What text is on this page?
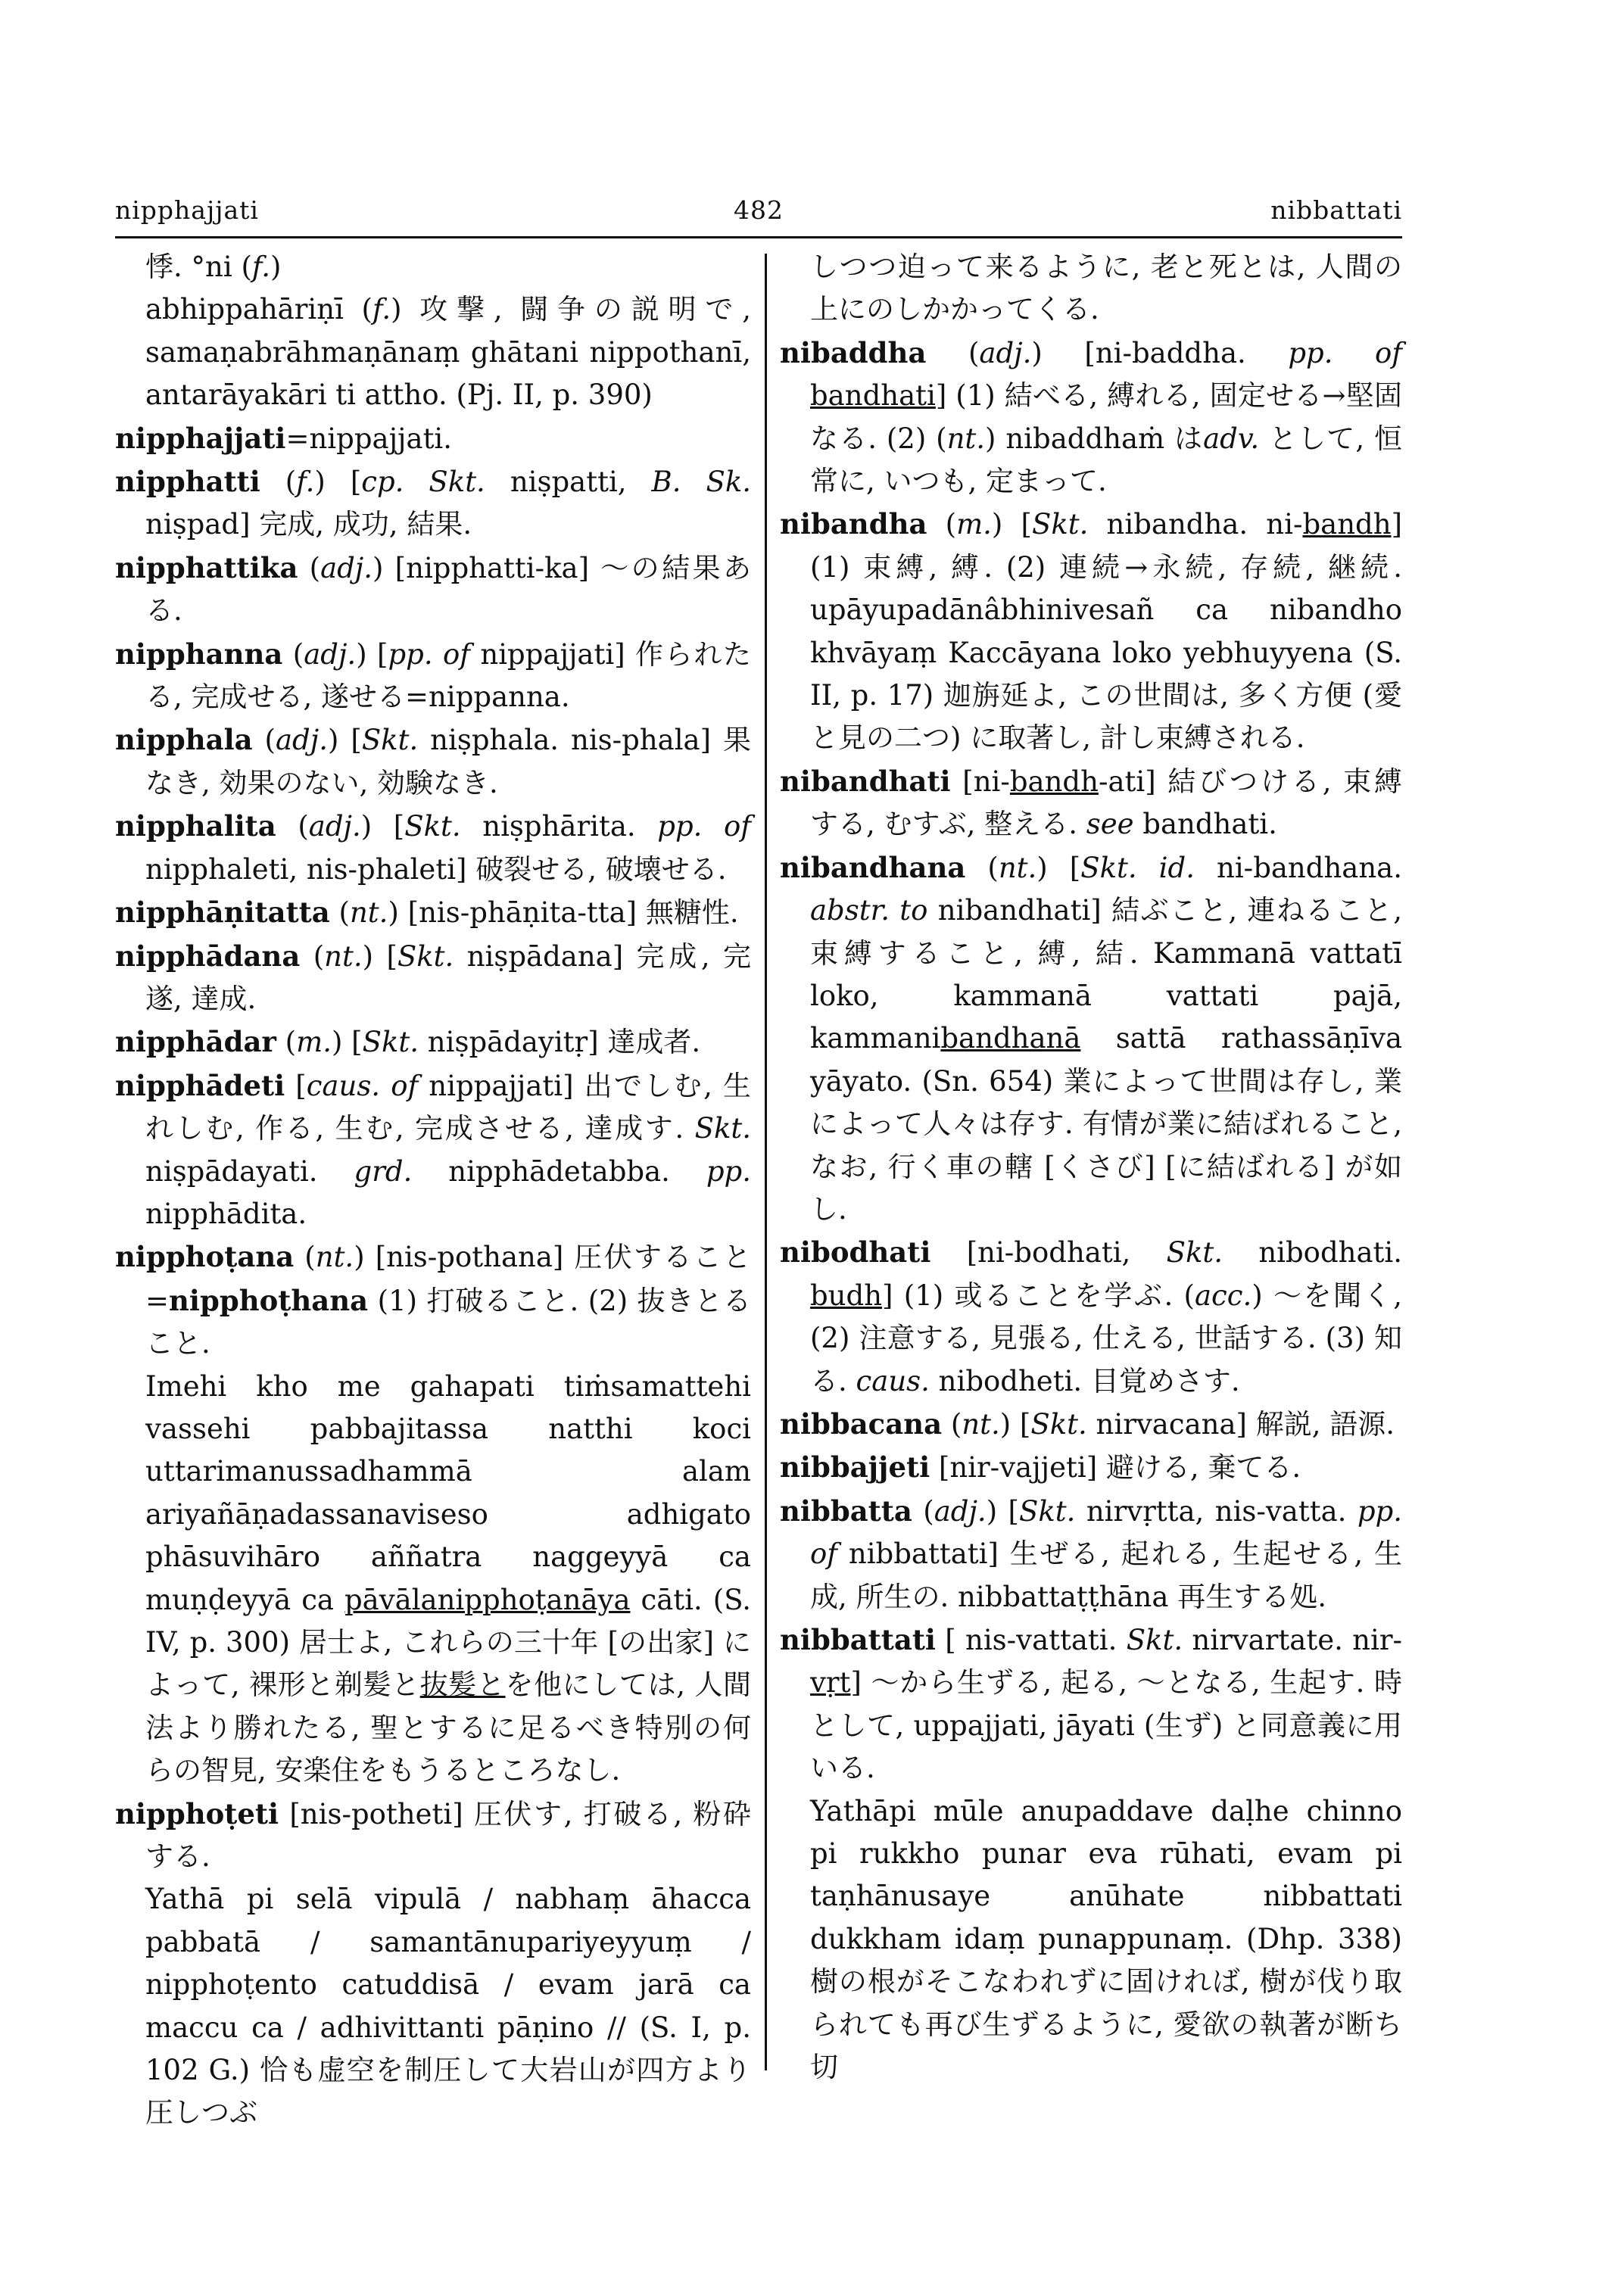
nipphajjati	482	nibbattati

悸. °ni (f.)

abhippahāriṇī (f.) 攻撃, 闘争の説明で, samaṇabrāhmaṇānaṃ ghātani nippothanī, antarāyakāri ti attho. (Pj. II, p. 390)

nipphajjati=nippajjati.

nipphatti (f.) [cp. Skt. niṣpatti, B. Sk. niṣpad] 完成, 成功, 結果.

nipphattika (adj.) [nipphatti-ka] ～の結果ある.

nipphanna (adj.) [pp. of nippajjati] 作られたる, 完成せる, 遂せる=nippanna.

nipphala (adj.) [Skt. niṣphala. nis-phala] 果なき, 効果のない, 効験なき.

nipphalita (adj.) [Skt. niṣphārita. pp. of nipphaleti, nis-phaleti] 破裂せる, 破壊せる.

nipphāṇitatta (nt.) [nis-phāṇita-tta] 無糖性.

nipphādana (nt.) [Skt. niṣpādana] 完成, 完遂, 達成.

nipphādar (m.) [Skt. niṣpādayitṛ] 達成者.

nipphādeti [caus. of nippajjati] 出でしむ, 生れしむ, 作る, 生む, 完成させる, 達成す. Skt. niṣpādayati. grd. nipphādetabba. pp. nipphādita.

nipphoṭana (nt.) [nis-pothana] 圧伏すること=nipphoṭhana (1) 打破ること. (2) 抜きとること.

Imehi kho me gahapati tiṁsamattehi vassehi pabbajitassa natthi koci uttarimanussadhammā alam ariyañāṇadassanaviseso adhigato phāsuvihāro aññatra naggeyyā ca muṇḍeyyā ca pāvālanipphoṭanāya cāti. (S. IV, p. 300) 居士よ, これらの三十年 [の出家] によって, 裸形と剃髪と抜髪とを他にしては, 人間法より勝れたる, 聖とするに足るべき特別の何らの智見, 安楽住をもうるところなし.

nipphoṭeti [nis-potheti] 圧伏す, 打破る, 粉砕する.

Yathā pi selā vipulā / nabhaṃ āhacca pabbatā / samantānupariyeyyuṃ / nipphoṭento catuddisā / evam jarā ca maccu ca / adhivittanti pāṇino // (S. I, p. 102 G.) 恰も虚空を制圧して大岩山が四方より圧しつぶ

しつつ迫って来るように, 老と死とは, 人間の上にのしかかってくる.

nibaddha (adj.) [ni-baddha. pp. of bandhati] (1) 結べる, 縛れる, 固定せる→堅固なる. (2) (nt.) nibaddhaṁ はadv. として, 恒常に, いつも, 定まって.

nibandha (m.) [Skt. nibandha. ni-bandh] (1) 束縛, 縛. (2) 連続→永続, 存続, 継続. upāyupadānâbhinivesañ ca nibandho khvāyaṃ Kaccāyana loko yebhuyyena (S. II, p. 17) 迦旃延よ, この世間は, 多く方便 (愛と見の二つ) に取著し, 計し束縛される.

nibandhati [ni-bandh-ati] 結びつける, 束縛する, むすぶ, 整える. see bandhati.

nibandhana (nt.) [Skt. id. ni-bandhana. abstr. to nibandhati] 結ぶこと, 連ねること, 束縛すること, 縛, 結. Kammanā vattatī loko, kammanā vattati pajā, kammanibandhanā sattā rathassāṇīva yāyato. (Sn. 654) 業によって世間は存し, 業によって人々は存す. 有情が業に結ばれること, なお, 行く車の轄 [くさび] [に結ばれる] が如し.

nibodhati [ni-bodhati, Skt. nibodhati. budh] (1) 或ることを学ぶ. (acc.) ～を聞く, (2) 注意する, 見張る, 仕える, 世話する. (3) 知る. caus. nibodheti. 目覚めさす.

nibbacana (nt.) [Skt. nirvacana] 解説, 語源.

nibbajjeti [nir-vajjeti] 避ける, 棄てる.

nibbatta (adj.) [Skt. nirvṛtta, nis-vatta. pp. of nibbattati] 生ぜる, 起れる, 生起せる, 生成, 所生の. nibbattaṭṭhāna 再生する処.

nibbattati [ nis-vattati. Skt. nirvartate. nir-vṛt] ～から生ずる, 起る, ～となる, 生起す. 時として, uppajjati, jāyati (生ず) と同意義に用いる.

Yathāpi mūle anupaddave daḷhe chinno pi rukkho punar eva rūhati, evam pi taṇhānusaye anūhate nibbattati dukkham idaṃ punappunaṃ. (Dhp. 338) 樹の根がそこなわれずに固ければ, 樹が伐り取られても再び生ずるように, 愛欲の執著が断ち切
